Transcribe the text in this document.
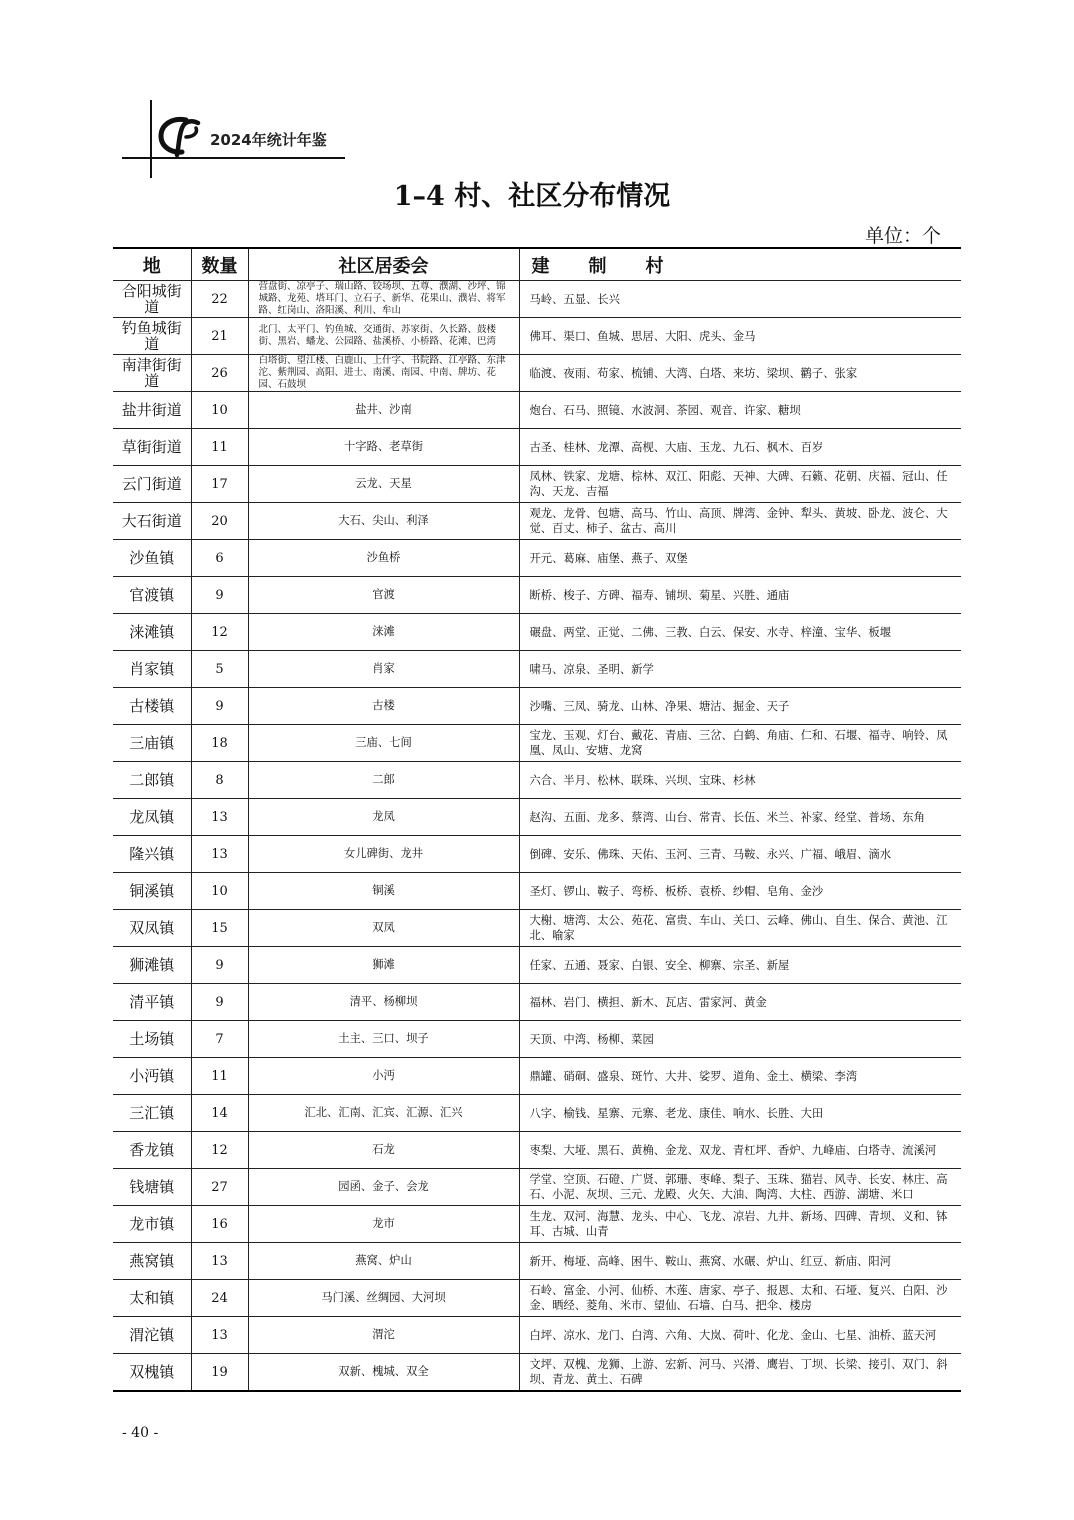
2024年统计年鉴
1–4 村、社区分布情况
单位：个
地	数量	社区居委会	建制村

合阳城街道	22	营盘街、凉亭子、瑞山路、铰场坝、五尊、濮湖、沙坪、锦城路、龙苑、塔耳门、立石子、新华、花果山、濮岩、将军路、红岗山、洛阳溪、利川、牟山	马岭、五显、长兴

钓鱼城街道	21	北门、太平门、钓鱼城、交通街、苏家街、久长路、鼓楼街、黑岩、蟠龙、公园路、盐溪桥、小桥路、花滩、巴湾	佛耳、渠口、鱼城、思居、大阳、虎头、金马

南津街街道	26	白塔街、望江楼、白鹿山、上什字、书院路、江亭路、东津沱、紫荆园、高阳、进士、南溪、南园、中南、牌坊、花园、石鼓坝	临渡、夜雨、苟家、梳铺、大湾、白塔、来坊、梁坝、鹳子、张家

盐井街道	10	盐井、沙南	炮台、石马、照镜、水波洞、茶园、观音、许家、糖坝

草街街道	11	十字路、老草街	古圣、桂林、龙潭、高枧、大庙、玉龙、九石、枫木、百岁

云门街道	17	云龙、天星	凤林、铁家、龙塘、棕林、双江、阳彪、天神、大碑、石籁、花朝、庆福、冠山、任沟、天龙、吉福

大石街道	20	大石、尖山、利泽	观龙、龙骨、包塘、高马、竹山、高顶、牌湾、金钟、犁头、黄坡、卧龙、波仑、大觉、百丈、柿子、盆古、高川

沙鱼镇	6	沙鱼桥	开元、葛麻、庙堡、燕子、双堡

官渡镇	9	官渡	断桥、梭子、方碑、福寿、铺坝、菊星、兴胜、通庙

涞滩镇	12	涞滩	碾盘、两堂、正觉、二佛、三教、白云、保安、水寺、梓潼、宝华、板堰

肖家镇	5	肖家	啸马、凉泉、圣明、新学

古楼镇	9	古楼	沙嘴、三凤、骑龙、山林、净果、塘沽、掘金、天子

三庙镇	18	三庙、七间	宝龙、玉观、灯台、戴花、青庙、三岔、白鹤、角庙、仁和、石堰、福寺、响铃、凤凰、凤山、安塘、龙窝

二郎镇	8	二郎	六合、半月、松林、联珠、兴坝、宝珠、杉林

龙凤镇	13	龙凤	赵沟、五面、龙多、蔡湾、山台、常青、长伍、米兰、补家、经堂、普场、东角

隆兴镇	13	女儿碑街、龙井	倒碑、安乐、佛珠、天佑、玉河、三青、马鞍、永兴、广福、峨眉、滴水

铜溪镇	10	铜溪	圣灯、锣山、鞍子、弯桥、板桥、袁桥、纱帽、皂角、金沙

双凤镇	15	双凤	大榭、塘湾、太公、苑花、富贵、车山、关口、云峰、佛山、自生、保合、黄池、江北、喻家

狮滩镇	9	狮滩	任家、五通、聂家、白银、安全、柳寨、宗圣、新屋

清平镇	9	清平、杨柳坝	福林、岩门、横担、新木、瓦店、雷家河、黄金

土场镇	7	土主、三口、坝子	天顶、中湾、杨柳、菜园

小沔镇	11	小沔	鼎罐、硝硐、盛泉、斑竹、大井、娑罗、道角、金土、横梁、李湾

三汇镇	14	汇北、汇南、汇宾、汇源、汇兴	八字、榆钱、星寨、元寨、老龙、康佳、响水、长胜、大田

香龙镇	12	石龙	枣梨、大垭、黑石、黄桷、金龙、双龙、青杠坪、香炉、九峰庙、白塔寺、流溪河

钱塘镇	27	园函、金子、会龙	学堂、空顶、石磴、广贤、郭珊、枣峰、梨子、玉珠、猫岩、风寺、长安、林庄、高石、小泥、灰坝、三元、龙殿、火矢、大油、陶湾、大柱、西游、湖塘、米口

龙市镇	16	龙市	生龙、双河、海慧、龙头、中心、飞龙、凉岩、九井、新场、四碑、青坝、义和、钵耳、古城、山青

燕窝镇	13	燕窝、炉山	新开、梅垭、高峰、困牛、鞍山、燕窝、水碾、炉山、红豆、新庙、阳河

太和镇	24	马门溪、丝绸园、大河坝	石岭、富金、小河、仙桥、木莲、唐家、亭子、报恩、太和、石垭、复兴、白阳、沙金、晒经、菱角、米市、望仙、石墙、白马、把伞、楼房

渭沱镇	13	渭沱	白坪、凉水、龙门、白湾、六角、大岚、荷叶、化龙、金山、七星、油桥、蓝天河

双槐镇	19	双新、槐城、双全	文坪、双槐、龙狮、上游、宏新、河马、兴滑、鹰岩、丁坝、长梁、接引、双门、斜坝、青龙、黄土、石碑
- 40 -
